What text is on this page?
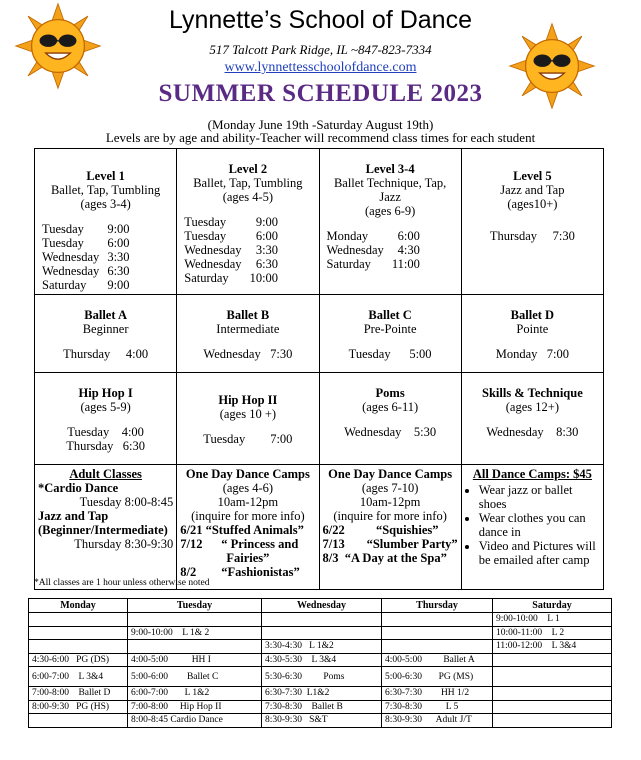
Lynnette’s School of Dance
517 Talcott Park Ridge, IL ~847-823-7334
www.lynnettesschoolofdance.com
SUMMER SCHEDULE 2023
(Monday June 19th -Saturday August 19th)
Levels are by age and ability-Teacher will recommend class times for each student
Level 1
Ballet, Tap, Tumbling
(ages 3-4)
Tuesday	9:00
Tuesday	6:00
Wednesday	3:30
Wednesday	6:30
Saturday	9:00

Level 2
Ballet, Tap, Tumbling
(ages 4-5)
Tuesday	9:00
Tuesday	6:00
Wednesday	3:30
Wednesday	6:30
Saturday	10:00

Level 3-4
Ballet Technique, Tap,
Jazz
(ages 6-9)
Monday	6:00
Wednesday	4:30
Saturday	11:00

Level 5
Jazz and Tap
(ages10+)
Thursday     7:30

Ballet A
Beginner
Thursday     4:00

Ballet B
Intermediate
Wednesday   7:30

Ballet C
Pre-Pointe
Tuesday      5:00

Ballet D
Pointe
Monday   7:00

Hip Hop I
(ages 5-9)
Tuesday    4:00
Thursday   6:30

Hip Hop II
(ages 10 +)
Tuesday        7:00

Poms
(ages 6-11)
Wednesday    5:30

Skills & Technique
(ages 12+)
Wednesday    8:30

Adult Classes
*Cardio Dance
Tuesday 8:00-8:45
Jazz and Tap
(Beginner/Intermediate)
Thursday 8:30-9:30

One Day Dance Camps
(ages 4-6)
10am-12pm
(inquire for more info)
6/21 “Stuffed Animals”
7/12      “ Princess and
Fairies”
8/2        “Fashionistas”

One Day Dance Camps
(ages 7-10)
10am-12pm
(inquire for more info)
6/22          “Squishies”
7/13       “Slumber Party”
8/3  “A Day at the Spa”

All Dance Camps: $45
• Wear jazz or ballet shoes
• Wear clothes you can dance in
• Video and Pictures will be emailed after camp
*All classes are 1 hour unless otherwise noted
Monday	Tuesday	Wednesday	Thursday	Saturday
				9:00-10:00    L 1
	9:00-10:00    L 1& 2			10:00-11:00    L 2
		3:30-4:30   L 1&2		11:00-12:00    L 3&4
4:30-6:00   PG (DS)	4:00-5:00          HH I	4:30-5:30    L 3&4	4:00-5:00         Ballet A	
6:00-7:00    L 3&4	5:00-6:00        Ballet C	5:30-6:30         Poms	5:00-6:30       PG (MS)	
7:00-8:00    Ballet D	6:00-7:00       L 1&2	6:30-7:30  L1&2	6:30-7:30        HH 1/2	
8:00-9:30   PG (HS)	7:00-8:00     Hip Hop II	7:30-8:30    Ballet B	7:30-8:30          L 5	
	8:00-8:45 Cardio Dance	8:30-9:30   S&T	8:30-9:30      Adult J/T	
